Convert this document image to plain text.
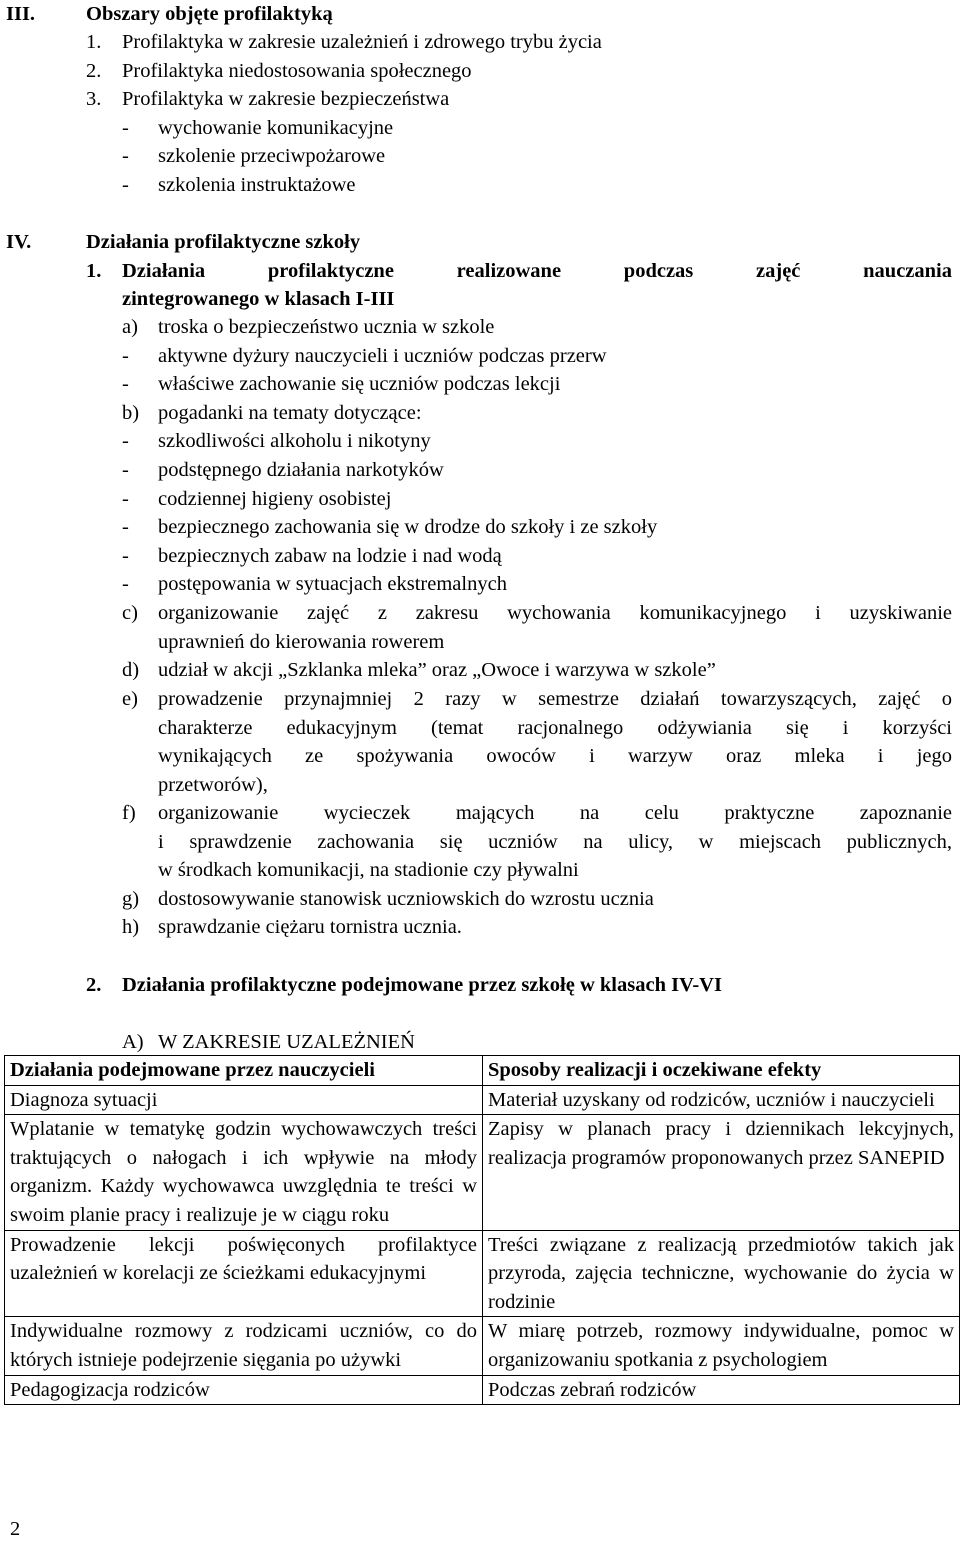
III. Obszary objęte profilaktyką
1. Profilaktyka w zakresie uzależnień i zdrowego trybu życia
2. Profilaktyka niedostosowania społecznego
3. Profilaktyka w zakresie bezpieczeństwa
- wychowanie komunikacyjne
- szkolenie przeciwpożarowe
- szkolenia instruktażowe
IV.	Działania profilaktyczne szkoły
1. Działania profilaktyczne realizowane podczas zajęć nauczania
zintegrowanego w klasach I-III
a) troska o bezpieczeństwo ucznia w szkole
- aktywne dyżury nauczycieli i uczniów podczas przerw
- właściwe zachowanie się uczniów podczas lekcji
b) pogadanki na tematy dotyczące:
- szkodliwości alkoholu i nikotyny
- podstępnego działania narkotyków
- codziennej higieny osobistej
- bezpiecznego zachowania się w drodze do szkoły i ze szkoły
- bezpiecznych zabaw na lodzie i nad wodą
- postępowania w sytuacjach ekstremalnych
c) organizowanie zajęć z zakresu wychowania komunikacyjnego i uzyskiwanie
uprawnień do kierowania rowerem
d) udział w akcji „Szklanka mleka” oraz „Owoce i warzywa w szkole”
e) prowadzenie przynajmniej 2 razy w semestrze działań towarzyszących, zajęć o
charakterze edukacyjnym (temat racjonalnego odżywiania się i korzyści
wynikających ze spożywania owoców i warzyw oraz mleka i jego
przetworów),
f) organizowanie wycieczek mających na celu praktyczne zapoznanie
i sprawdzenie zachowania się uczniów na ulicy, w miejscach publicznych,
w środkach komunikacji, na stadionie czy pływalni
g) dostosowywanie stanowisk uczniowskich do wzrostu ucznia
h) sprawdzanie ciężaru tornistra ucznia.
2. Działania profilaktyczne podejmowane przez szkołę w klasach IV-VI
A) W ZAKRESIE UZALEŻNIEŃ
Działania podejmowane przez nauczycieli	Sposoby realizacji i oczekiwane efekty
Diagnoza sytuacji	Materiał uzyskany od rodziców, uczniów i nauczycieli
Wplatanie w tematykę godzin wychowawczych treści traktujących o nałogach i ich wpływie na młody organizm. Każdy wychowawca uwzględnia te treści w swoim planie pracy i realizuje je w ciągu roku	Zapisy w planach pracy i dziennikach lekcyjnych, realizacja programów proponowanych przez SANEPID
Prowadzenie lekcji poświęconych profilaktyce uzależnień w korelacji ze ścieżkami edukacyjnymi	Treści związane z realizacją przedmiotów takich jak przyroda, zajęcia techniczne, wychowanie do życia w rodzinie
Indywidualne rozmowy z rodzicami uczniów, co do których istnieje podejrzenie sięgania po używki	W miarę potrzeb, rozmowy indywidualne, pomoc w organizowaniu spotkania z psychologiem
Pedagogizacja rodziców	Podczas zebrań rodziców
2
